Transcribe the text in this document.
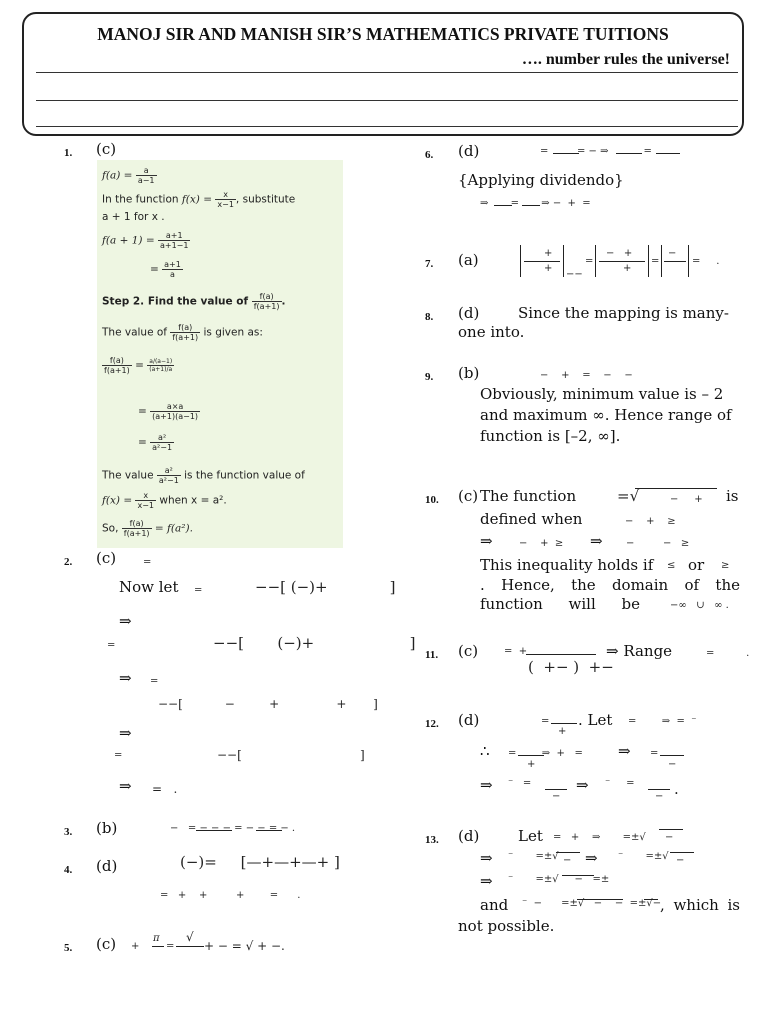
MANOJ SIR AND MANISH SIR’S MATHEMATICS PRIVATE TUITIONS
…. number rules the universe!
1. (c)
$f(a) = \frac{a}{a-1}$
In the function $f(x) = \frac{x}{x-1}$ , substitute
a + 1 for x .
$f(a + 1) = \frac{a+1}{a+1-1}$
= $\frac{a+1}{a}$
Step 2. Find the value of $\frac{f(a)}{f(a+1)}$ .
The value of $\frac{f(a)}{f(a+1)}$ is given as:
$\frac{f(a)}{f(a+1)} = \frac{a/(a-1)}{(a+1)/a}$
= $\frac{a\times a}{(a+1)(a-1)}$
= $\frac{\text{a²}}{\text{a²−1}}$
The value $\frac{\text{a²}}{\text{a²−1}}$ is the function value of
$f(x) = \frac{x}{x-1}$ when x = a².
So, $\frac{f(a)}{f(a+1)} = f(a^2)$.
2. (c)	=
Now let =	−−[ (−)+             ]
⇒
=	−−[       (−)+                    ]
⇒ =
−−[           −         +               +       ]
⇒
=	−−[                               ]
⇒ =   .
3. (b)	−   = − − − = − − = − .
4. (d)	(−)=     [—+—+—+ ]
=   +    +         +        =      .
5. (c) +
π
=
√
+ − = √ + −.
6. (d)	=         = − ⇒           =
{Applying dividendo}
⇒       =       ⇒ −  +  =
7. (a)	+
+
−−
=
−   +
+
=
−
=     .
8. (d)	Since the mapping is many-
one into.
9. (b)	−    +    =    −    −
Obviously, minimum value is – 2
and maximum ∞. Hence range of
function is [–2, ∞].
10. (c) The function	=√	−     + is
defined when	−    +    ≥
⇒	−    +  ≥ ⇒ −         −   ≥
This inequality holds if ≤ or ≥
. Hence, the domain of the
function will be	−∞   ∪   ∞ .
11. (c)	=  +
(  +− )  +−
⇒ Range	=          .
12. (d)	=
+
. Let =        ⇒  =  ⁻
∴ =        ⇒  +   =
+
⇒ =
−
⇒ ⁻   =
−
⇒ ⁻     =
− .
13. (d)	Let =   +    ⇒       =±√ −
⇒ ⁻       =±√ − ⇒ ⁻       =±√ −
⇒ ⁻       =±√     −   =±
and ⁻  −      =±√   −    −  =±√−
, which is
not possible.
